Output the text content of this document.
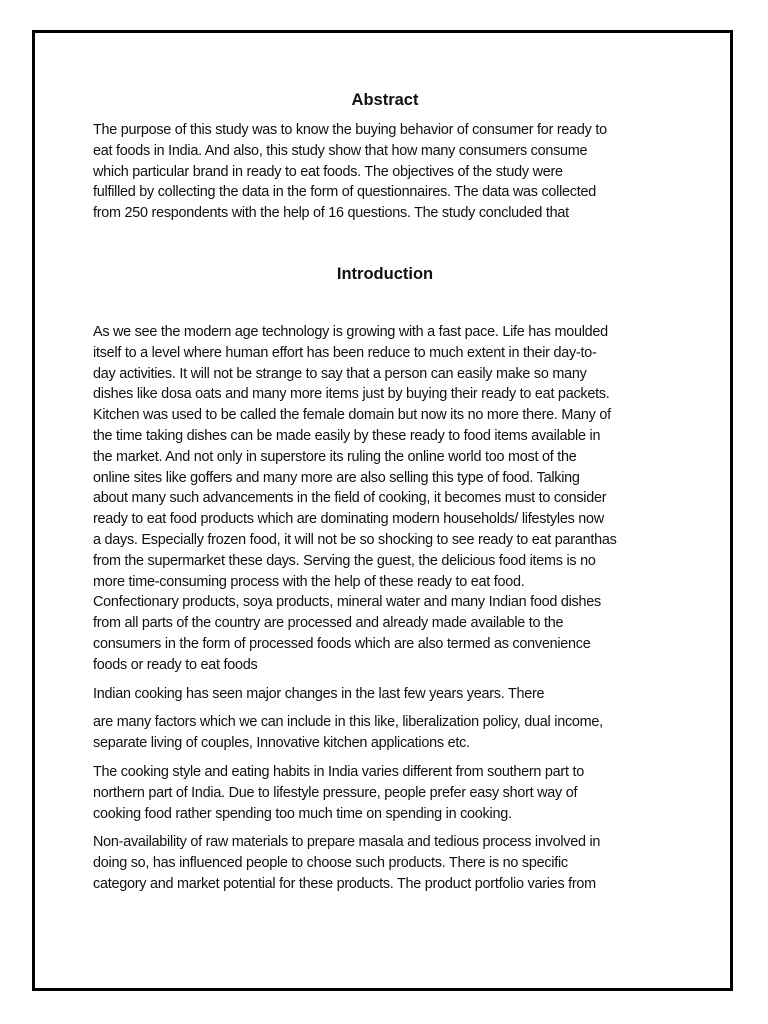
Abstract

The purpose of this study was to know the buying behavior of consumer for ready to
eat foods in India. And also, this study show that how many consumers consume
which particular brand in ready to eat foods. The objectives of the study were
fulfilled by collecting the data in the form of questionnaires. The data was collected
from 250 respondents with the help of 16 questions. The study concluded that

Introduction

As we see the modern age technology is growing with a fast pace. Life has moulded
itself to a level where human effort has been reduce to much extent in their day-to-
day activities. It will not be strange to say that a person can easily make so many
dishes like dosa oats and many more items just by buying their ready to eat packets.
Kitchen was used to be called the female domain but now its no more there. Many of
the time taking dishes can be made easily by these ready to food items available in
the market. And not only in superstore its ruling the online world too most of the
online sites like goffers and many more are also selling this type of food. Talking
about many such advancements in the field of cooking, it becomes must to consider
ready to eat food products which are dominating modern households/ lifestyles now
a days. Especially frozen food, it will not be so shocking to see ready to eat paranthas
from the supermarket these days. Serving the guest, the delicious food items is no
more time-consuming process with the help of these ready to eat food.
Confectionary products, soya products, mineral water and many Indian food dishes
from all parts of the country are processed and already made available to the
consumers in the form of processed foods which are also termed as convenience
foods or ready to eat foods

Indian cooking has seen major changes in the last few years years. There

are many factors which we can include in this like, liberalization policy, dual income,
separate living of couples, Innovative kitchen applications etc.

The cooking style and eating habits in India varies different from southern part to
northern part of India. Due to lifestyle pressure, people prefer easy short way of
cooking food rather spending too much time on spending in cooking.

Non-availability of raw materials to prepare masala and tedious process involved in
doing so, has influenced people to choose such products. There is no specific
category and market potential for these products. The product portfolio varies from
